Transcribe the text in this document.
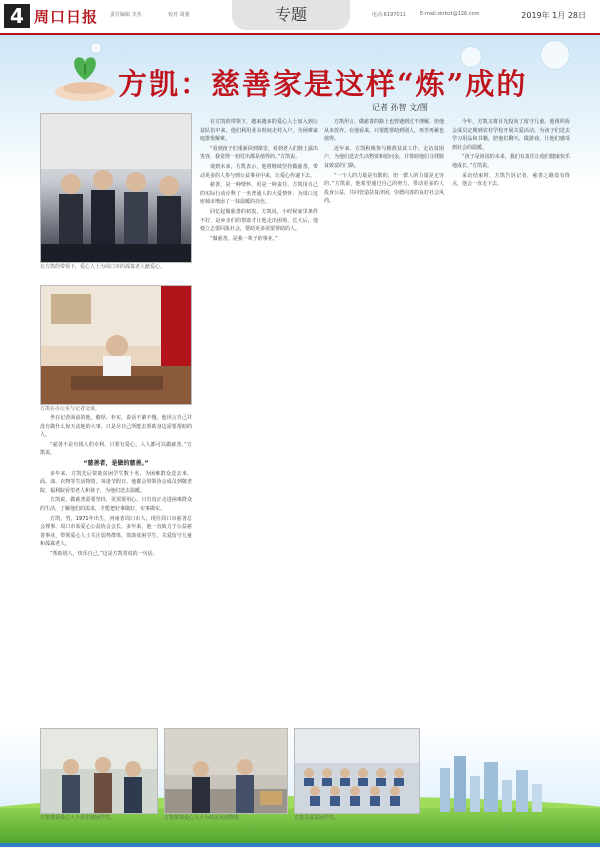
4 周口日报 责任编辑 李杰	校对 周强	专题	电话:6197011	E-mail:zkrbzt@126.com	2019年 1月 28日
方凯：慈善家是这样“炼”成的
记者 孙智 文/图
在方凯的带领下，爱心人士为周口市的孤寡老人献爱心。
方凯在办公室与记者交谈。

坐在记者面前的他，憨厚、朴实，说话不紧不慢，他坦言自己并没有做什么惊天动地的大事，只是尽自己所能去帮助身边需要帮助的人。

“慈善不是有钱人的专利，只要有爱心，人人都可以做慈善。”方凯说。

“慈善者，是做的慈善。”

多年来，方凯先后资助贫困学生数十名，为困难群众送去米、面、油、衣物等生活物资。每逢节假日，他都会带领协会成员到敬老院、福利院看望老人和孩子，为他们送去温暖。

方凯说，做慈善需要坚持，更需要用心。只有真正走进困难群众的生活，了解他们的需求，才能把好事做好、实事做实。

方凯，男，1971年出生，河南省周口市人，现任周口市慈善总会理事、周口市某爱心公益协会会长。多年来，他一直致力于公益慈善事业，带领爱心人士关注弱势群体，资助贫困学生，关爱留守儿童和孤寡老人。

“帮助别人，快乐自己。”这是方凯常说的一句话。

在方凯的带领下，越来越多的爱心人士加入到公益队伍中来。他们利用业余时间走村入户，为困难家庭排忧解难。

“看到孩子们重新回到课堂，看到老人们脸上露出笑容，我觉得一切付出都是值得的。”方凯说。

谈到未来，方凯表示，他将继续坚持做慈善，带动更多的人参与到公益事业中来，让爱心传递下去。

慈善，是一种情怀，更是一种责任。方凯用自己的实际行动诠释了一名普通人的大爱情怀，为周口这座城市增添了一抹温暖的亮色。

回忆起做慈善的初衷，方凯说，小时候家里条件不好，是乡亲们的帮助才让他走出困境。长大后，他便立志要回报社会，帮助更多需要帮助的人。

“做慈善，是我一辈子的事业。”

方凯坦言，做慈善的路上也曾遇到过不理解，但他从未放弃。在他看来，只要能帮助到别人，再苦再累也值得。

近年来，方凯积极参与精准扶贫工作，走访贫困户，为他们送去生活物资和慰问金，并帮助他们寻找脱贫致富的门路。

“一个人的力量是有限的，但一群人的力量是无穷的。”方凯说，他希望通过自己的努力，带动更多的人投身公益，共同营造扶贫济困、崇德向善的良好社会风尚。

今年，方凯又将目光投向了留守儿童。他组织协会成员定期到农村学校开展关爱活动，为孩子们送去学习用品和书籍，陪他们聊天、做游戏，让他们感受到社会的温暖。

“孩子是祖国的未来，我们有责任让他们健康快乐地成长。”方凯说。

采访结束时，方凯告诉记者，慈善之路没有终点，他会一直走下去。

方凯带领爱心人士看望贫困学生。	方凯带领爱心人士为村民发放物资。	方凯关爱贫困学生。
